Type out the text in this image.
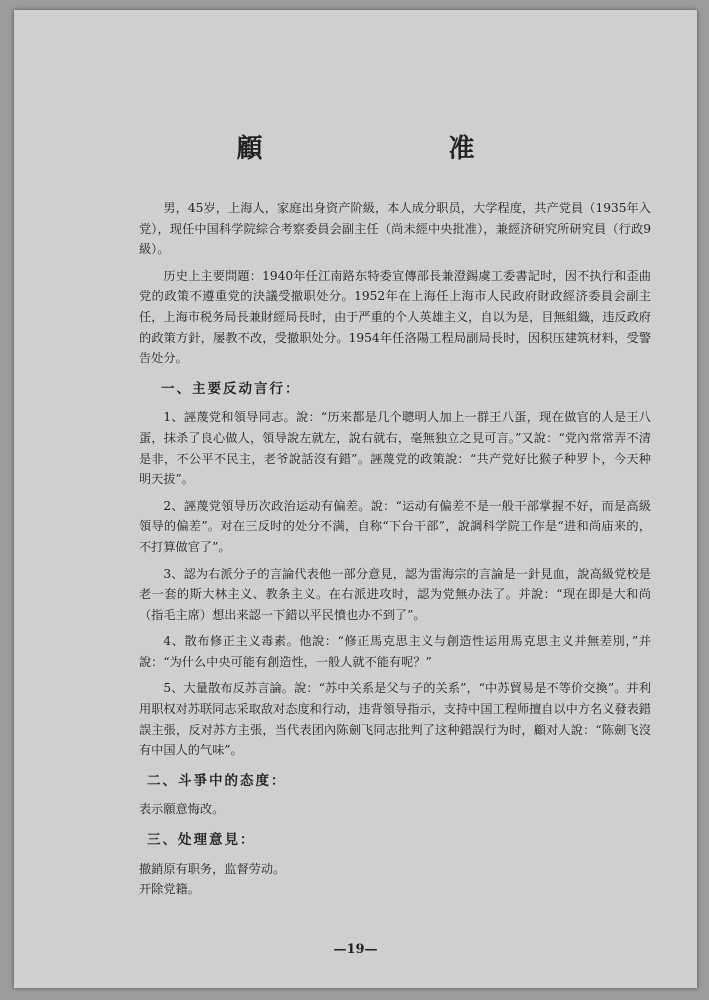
顧　准

男，45岁，上海人，家庭出身资产阶級，本人成分职员，大学程度，共产党員（1935年入党），现任中国科学院綜合考察委員会副主任（尚未經中央批准），兼經济研究所研究員（行政9級）。

历史上主要問題：1940年任江南路东特委宣傳部長兼澄錫虞工委書記时，因不执行和歪曲党的政策不遵重党的決議受撤职处分。1952年在上海任上海市人民政府財政經济委員会副主任，上海市税务局長兼財經局長时，由于严重的个人英雄主义，自以为是，目無組織，违反政府的政策方針，屡教不改，受撤职处分。1954年任洛陽工程局副局長时，因积压建筑材料，受警告处分。

一、主要反动言行：

1、誣蔑党和領导同志。說：“历来都是几个聰明人加上一群王八蛋，现在做官的人是王八蛋，抹杀了良心做人，領导說左就左，說右就右，毫無独立之見可言。”又說：“党內常常弄不清是非，不公平不民主，老爷說話沒有錯”。誣蔑党的政策說：“共产党好比猴子种罗卜，今天种明天拔”。

2、誣蔑党領导历次政治运动有偏差。說：“运动有偏差不是一般干部掌握不好，而是高級領导的偏差”。对在三反时的处分不满，自称“下台干部”，說調科学院工作是“进和尚庙来的，不打算做官了”。

3、認为右派分子的言論代表他一部分意見，認为雷海宗的言論是一針見血，說高級党校是老一套的斯大林主义、教条主义。在右派进攻时，認为党無办法了。并說：“现在即是大和尚（指毛主席）想出来認一下錯以平民憤也办不到了”。

4、散布修正主义毒素。他說：“修正馬克思主义与創造性运用馬克思主义并無差別，”并說：“为什么中央可能有創造性，一般人就不能有呢？”

5、大量散布反苏言論。說：“苏中关系是父与子的关系”，“中苏貿易是不等价交換”。并利用职权对苏联同志采取敌对态度和行动，违背領导指示，支持中国工程师擅自以中方名义發表錯誤主張，反对苏方主張，当代表团內陈劍飞同志批判了这种錯誤行为时，顧对人說：“陈劍飞沒有中国人的气味”。

二、斗爭中的态度：

表示願意悔改。

三、处理意見：

撤銷原有职务，监督劳动。

开除党籍。

—19—
